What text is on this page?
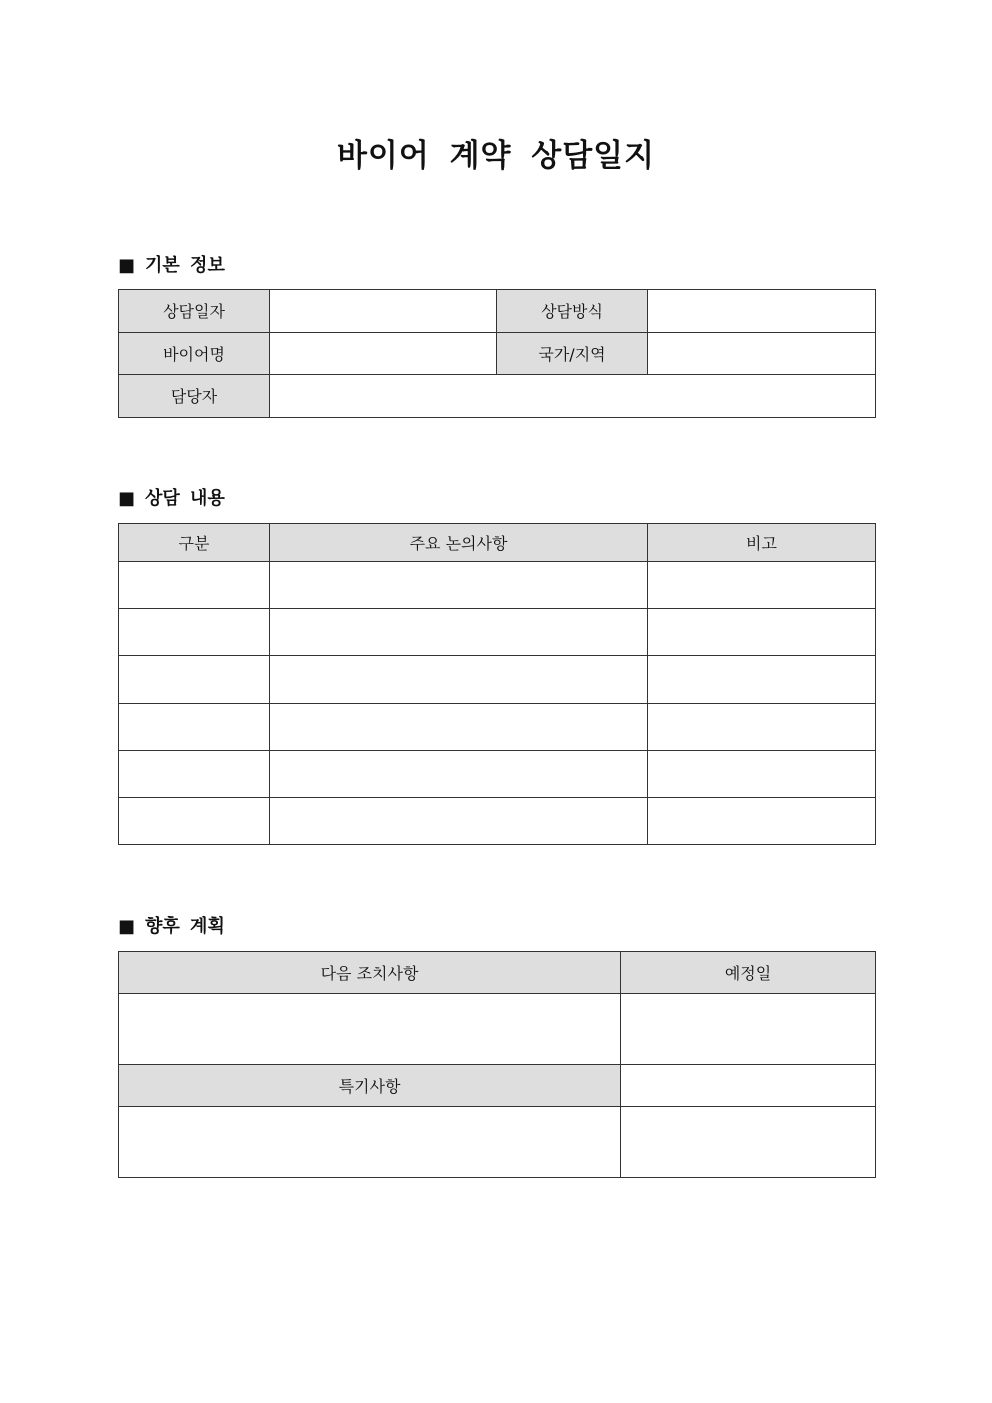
바이어 계약 상담일지
■ 기본 정보
상담일자		상담방식	
바이어명		국가/지역	
담당자			
■ 상담 내용
구분	주요 논의사항	비고

■ 향후 계획
다음 조치사항	예정일

특기사항	
